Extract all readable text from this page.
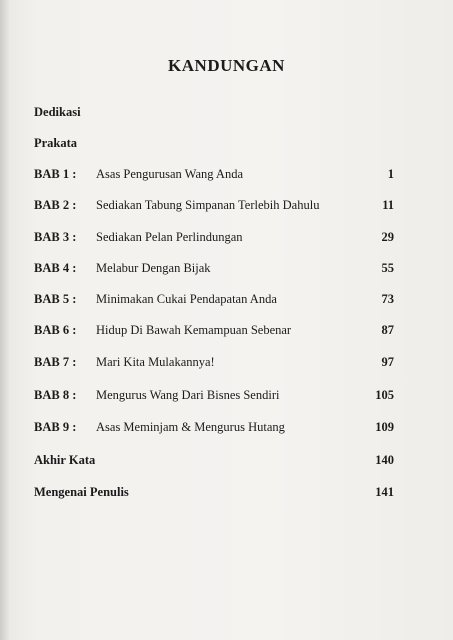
KANDUNGAN
Dedikasi
Prakata
BAB 1 : Asas Pengurusan Wang Anda	1
BAB 2 : Sediakan Tabung Simpanan Terlebih Dahulu	11
BAB 3 : Sediakan Pelan Perlindungan	29
BAB 4 : Melabur Dengan Bijak	55
BAB 5 : Minimakan Cukai Pendapatan Anda	73
BAB 6 : Hidup Di Bawah Kemampuan Sebenar	87
BAB 7 : Mari Kita Mulakannya!	97
BAB 8 : Mengurus Wang Dari Bisnes Sendiri	105
BAB 9 : Asas Meminjam & Mengurus Hutang	109
Akhir Kata	140
Mengenai Penulis	141
